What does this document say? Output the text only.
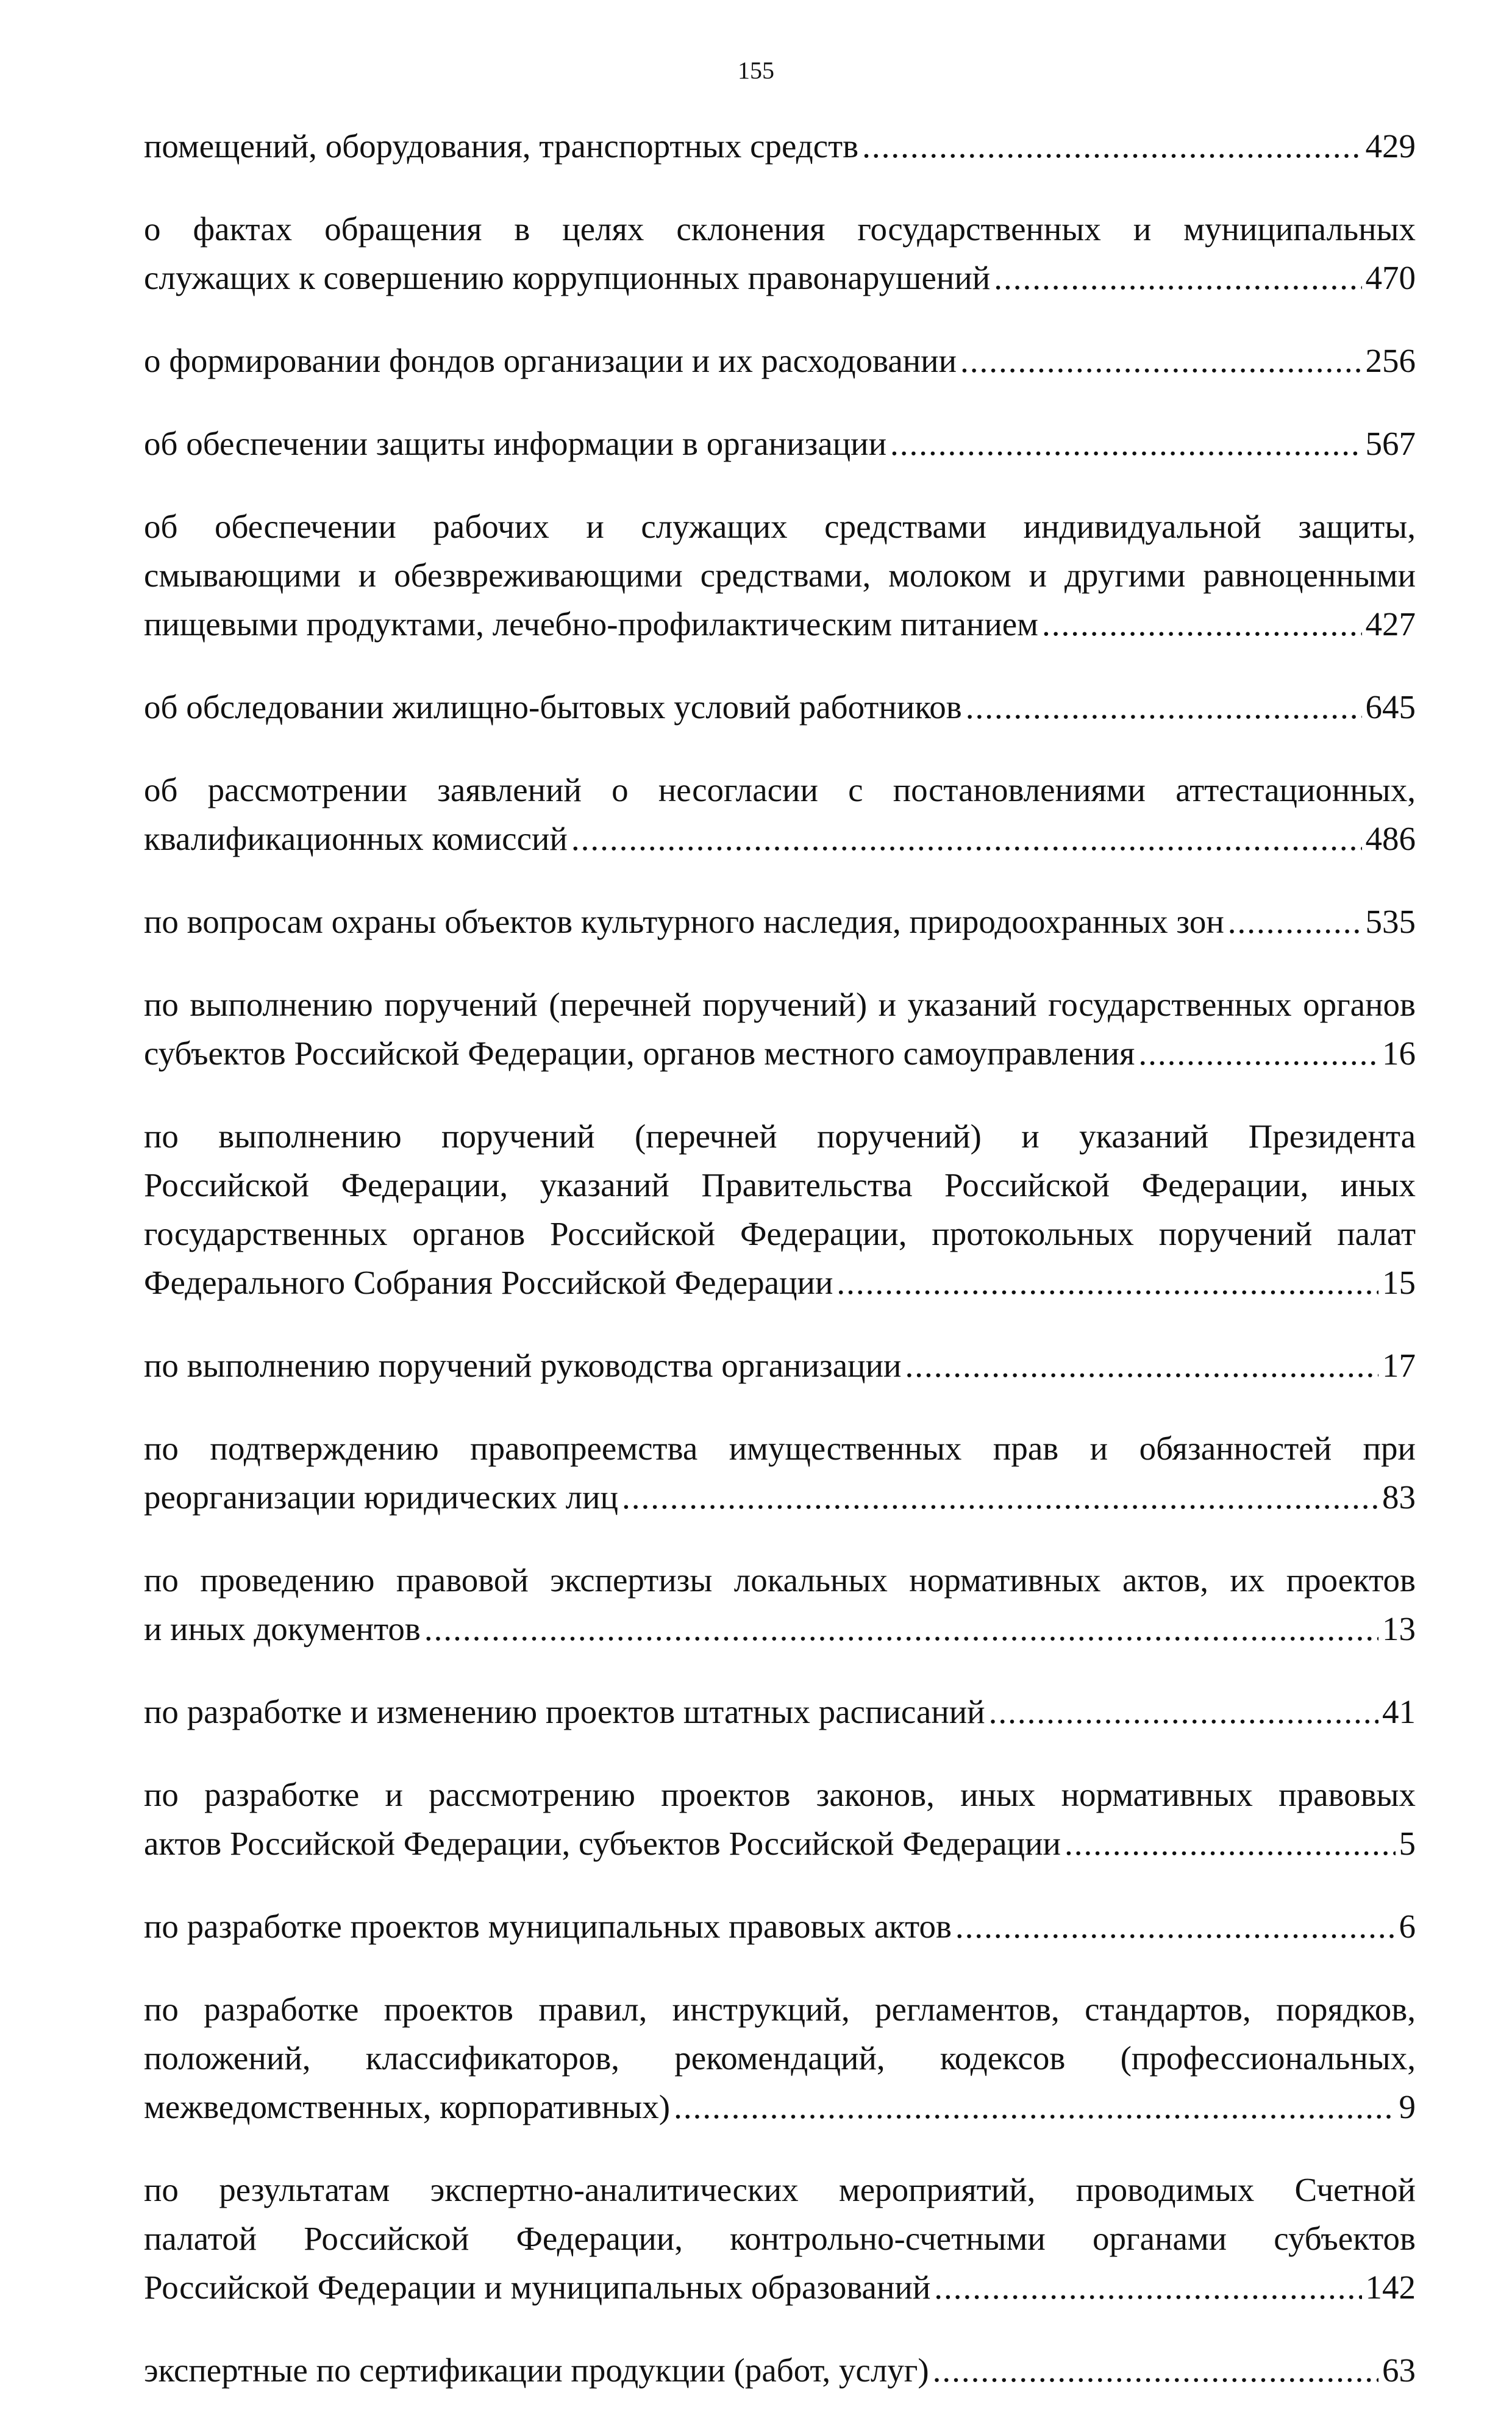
155
помещений, оборудования, транспортных средств .....	429
о фактах обращения в целях склонения государственных и муниципальных
служащих к совершению коррупционных правонарушений .....	470
о формировании фондов организации и их расходовании .....	256
об обеспечении защиты информации в организации .....	567
об обеспечении рабочих и служащих средствами индивидуальной защиты,
смывающими и обезвреживающими средствами, молоком и другими равноценными
пищевыми продуктами, лечебно-профилактическим питанием .....	427
об обследовании жилищно-бытовых условий работников .....	645
об рассмотрении заявлений о несогласии с постановлениями аттестационных,
квалификационных комиссий .....	486
по вопросам охраны объектов культурного наследия, природоохранных зон .....	535
по выполнению поручений (перечней поручений) и указаний государственных органов
субъектов Российской Федерации, органов местного самоуправления .....	16
по выполнению поручений (перечней поручений) и указаний Президента
Российской Федерации, указаний Правительства Российской Федерации, иных
государственных органов Российской Федерации, протокольных поручений палат
Федерального Собрания Российской Федерации .....	15
по выполнению поручений руководства организации .....	17
по подтверждению правопреемства имущественных прав и обязанностей при
реорганизации юридических лиц .....	83
по проведению правовой экспертизы локальных нормативных актов, их проектов
и иных документов .....	13
по разработке и изменению проектов штатных расписаний .....	41
по разработке и рассмотрению проектов законов, иных нормативных правовых
актов Российской Федерации, субъектов Российской Федерации .....	5
по разработке проектов муниципальных правовых актов .....	6
по разработке проектов правил, инструкций, регламентов, стандартов, порядков,
положений, классификаторов, рекомендаций, кодексов (профессиональных,
межведомственных, корпоративных) .....	9
по результатам экспертно-аналитических мероприятий, проводимых Счетной
палатой Российской Федерации, контрольно-счетными органами субъектов
Российской Федерации и муниципальных образований .....	142
экспертные по сертификации продукции (работ, услуг) .....	63
